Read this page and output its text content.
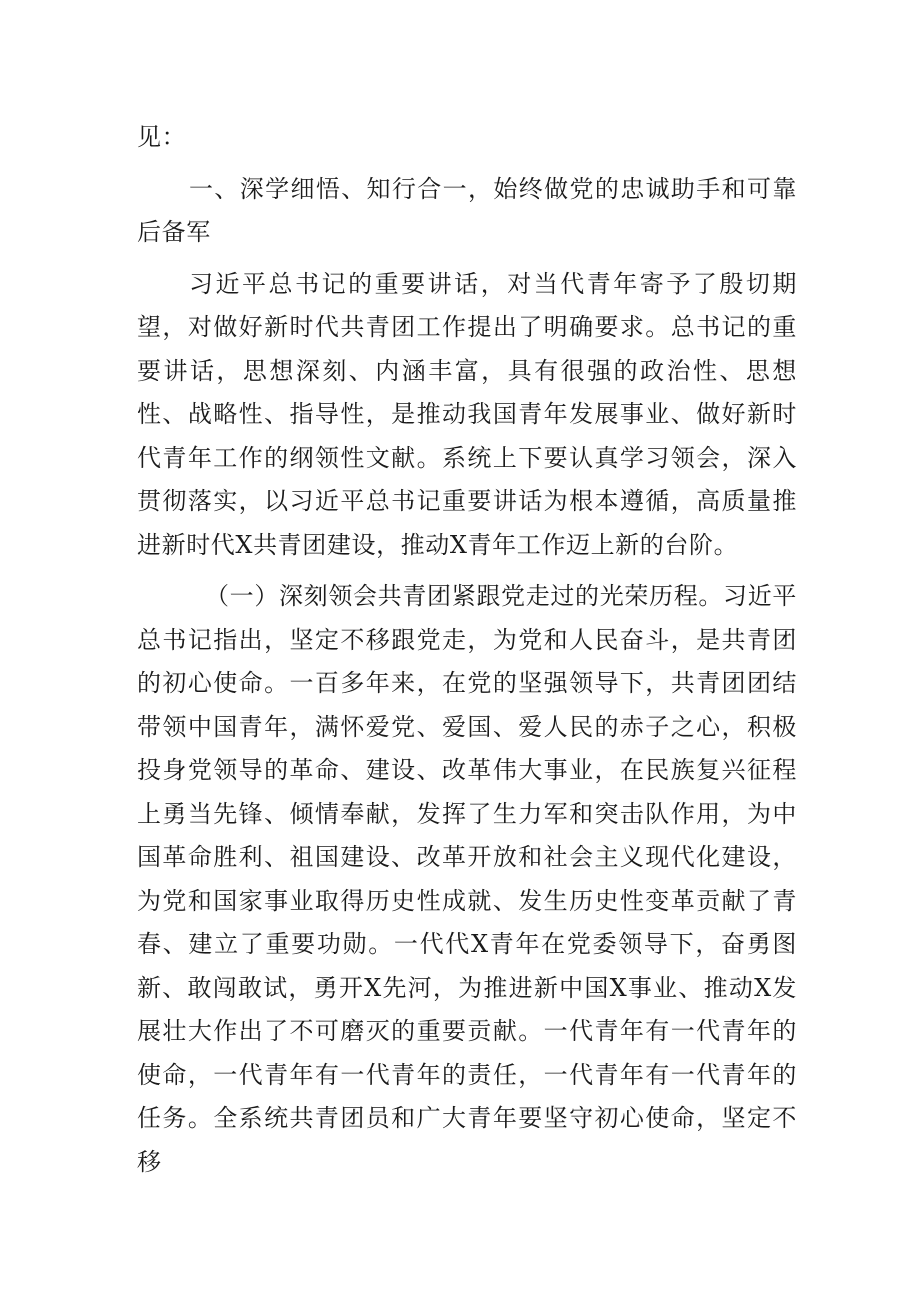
见：

一、深学细悟、知行合一，始终做党的忠诚助手和可靠后备军

习近平总书记的重要讲话，对当代青年寄予了殷切期望，对做好新时代共青团工作提出了明确要求。总书记的重要讲话，思想深刻、内涵丰富，具有很强的政治性、思想性、战略性、指导性，是推动我国青年发展事业、做好新时代青年工作的纲领性文献。系统上下要认真学习领会，深入贯彻落实，以习近平总书记重要讲话为根本遵循，高质量推进新时代X共青团建设，推动X青年工作迈上新的台阶。

（一）深刻领会共青团紧跟党走过的光荣历程。习近平总书记指出，坚定不移跟党走，为党和人民奋斗，是共青团的初心使命。一百多年来，在党的坚强领导下，共青团团结带领中国青年，满怀爱党、爱国、爱人民的赤子之心，积极投身党领导的革命、建设、改革伟大事业，在民族复兴征程上勇当先锋、倾情奉献，发挥了生力军和突击队作用，为中国革命胜利、祖国建设、改革开放和社会主义现代化建设，为党和国家事业取得历史性成就、发生历史性变革贡献了青春、建立了重要功勋。一代代X青年在党委领导下，奋勇图新、敢闯敢试，勇开X先河，为推进新中国X事业、推动X发展壮大作出了不可磨灭的重要贡献。一代青年有一代青年的使命，一代青年有一代青年的责任，一代青年有一代青年的任务。全系统共青团员和广大青年要坚守初心使命，坚定不移
